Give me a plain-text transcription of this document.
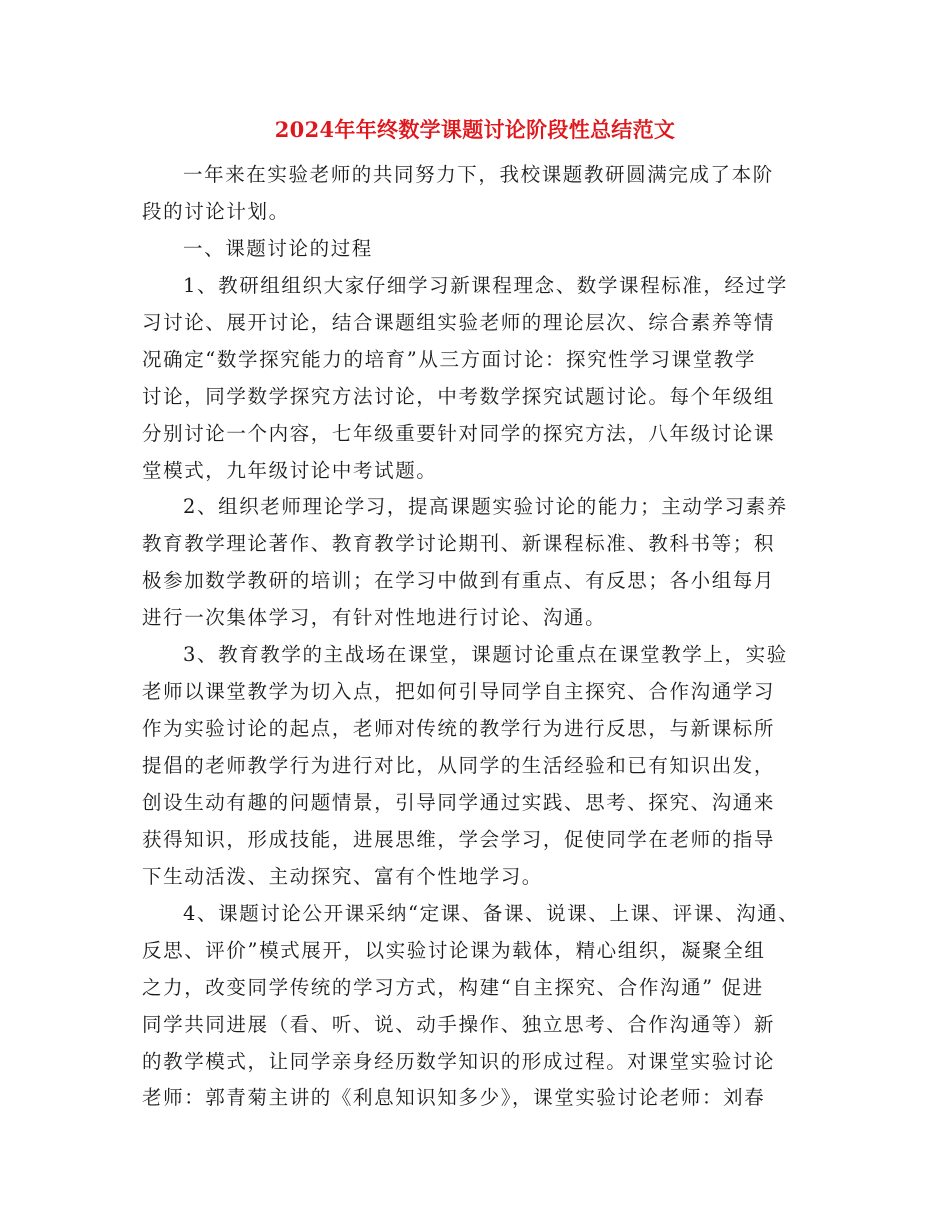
2024年年终数学课题讨论阶段性总结范文

一年来在实验老师的共同努力下，我校课题教研圆满完成了本阶

段的讨论计划。

一、课题讨论的过程

1、教研组组织大家仔细学习新课程理念、数学课程标准，经过学

习讨论、展开讨论，结合课题组实验老师的理论层次、综合素养等情

况确定“数学探究能力的培育”从三方面讨论：探究性学习课堂教学

讨论，同学数学探究方法讨论，中考数学探究试题讨论。每个年级组

分别讨论一个内容，七年级重要针对同学的探究方法，八年级讨论课

堂模式，九年级讨论中考试题。

2、组织老师理论学习，提高课题实验讨论的能力；主动学习素养

教育教学理论著作、教育教学讨论期刊、新课程标准、教科书等；积

极参加数学教研的培训；在学习中做到有重点、有反思；各小组每月

进行一次集体学习，有针对性地进行讨论、沟通。

3、教育教学的主战场在课堂，课题讨论重点在课堂教学上，实验

老师以课堂教学为切入点，把如何引导同学自主探究、合作沟通学习

作为实验讨论的起点，老师对传统的教学行为进行反思，与新课标所

提倡的老师教学行为进行对比，从同学的生活经验和已有知识出发，

创设生动有趣的问题情景，引导同学通过实践、思考、探究、沟通来

获得知识，形成技能，进展思维，学会学习，促使同学在老师的指导

下生动活泼、主动探究、富有个性地学习。

4、课题讨论公开课采纳“定课、备课、说课、上课、评课、沟通、

反思、评价”模式展开，以实验讨论课为载体，精心组织，凝聚全组

之力，改变同学传统的学习方式，构建“自主探究、合作沟通” 促进

同学共同进展（看、听、说、动手操作、独立思考、合作沟通等）新

的教学模式，让同学亲身经历数学知识的形成过程。对课堂实验讨论

老师：郭青菊主讲的《利息知识知多少》，课堂实验讨论老师：刘春
